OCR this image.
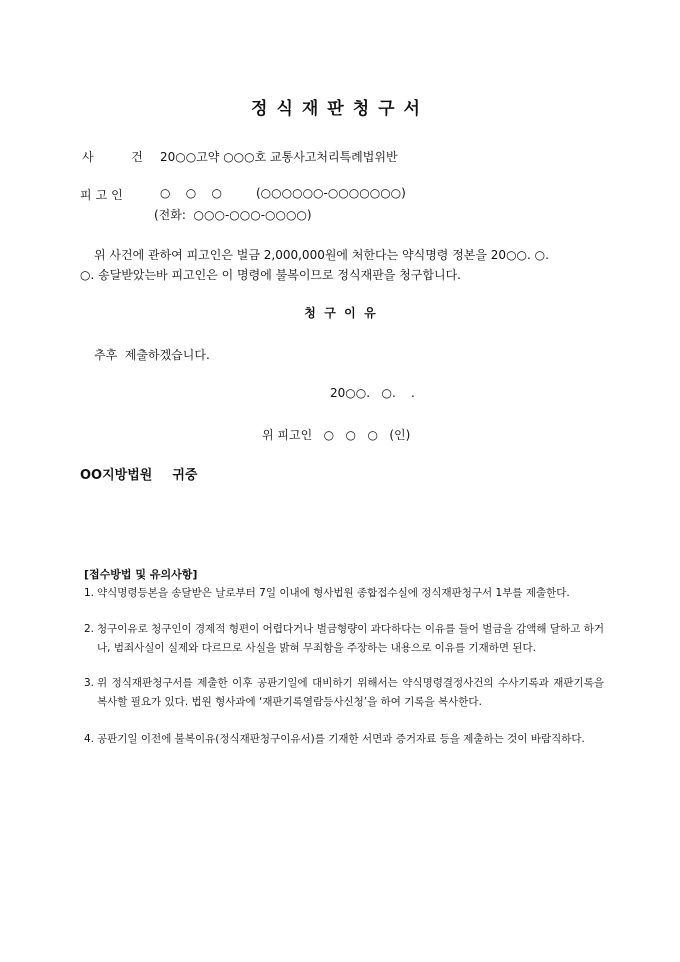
정식재판청구서
사  건 20○○고약 ○○○호 교통사고처리특례법위반
피고인	○    ○    ○	(○○○○○○-○○○○○○○)
(전화:  ○○○-○○○-○○○○)
위 사건에 관하여 피고인은 벌금 2,000,000원에 처한다는 약식명령 정본을 20○○. ○.
○. 송달받았는바 피고인은 이 명령에 불복이므로 정식재판을 청구합니다.
청  구  이  유
추후  제출하겠습니다.
20○○.   ○.    .
위 피고인   ○   ○   ○   (인)
OO지방법원 귀중
[접수방법 및 유의사항]
1. 약식명령등본을 송달받은 날로부터 7일 이내에 형사법원 종합접수실에 정식재판청구서 1부를 제출한다.
2. 청구이유로 청구인이 경제적 형편이 어렵다거나 벌금형량이 과다하다는 이유를 들어 벌금을 감액해 달하고 하거나, 범죄사실이 실제와 다르므로 사실을 밝혀 무죄함을 주장하는 내용으로 이유를 기재하면 된다.
3. 위 정식재판청구서를 제출한 이후 공판기일에 대비하기 위해서는 약식명령결정사건의 수사기록과 재판기록을 복사할 필요가 있다. 법원 형사과에 ‘재판기록열람등사신청’을 하여 기록을 복사한다.
4. 공판기일 이전에 불복이유(정식재판청구이유서)를 기재한 서면과 증거자료 등을 제출하는 것이 바람직하다.
